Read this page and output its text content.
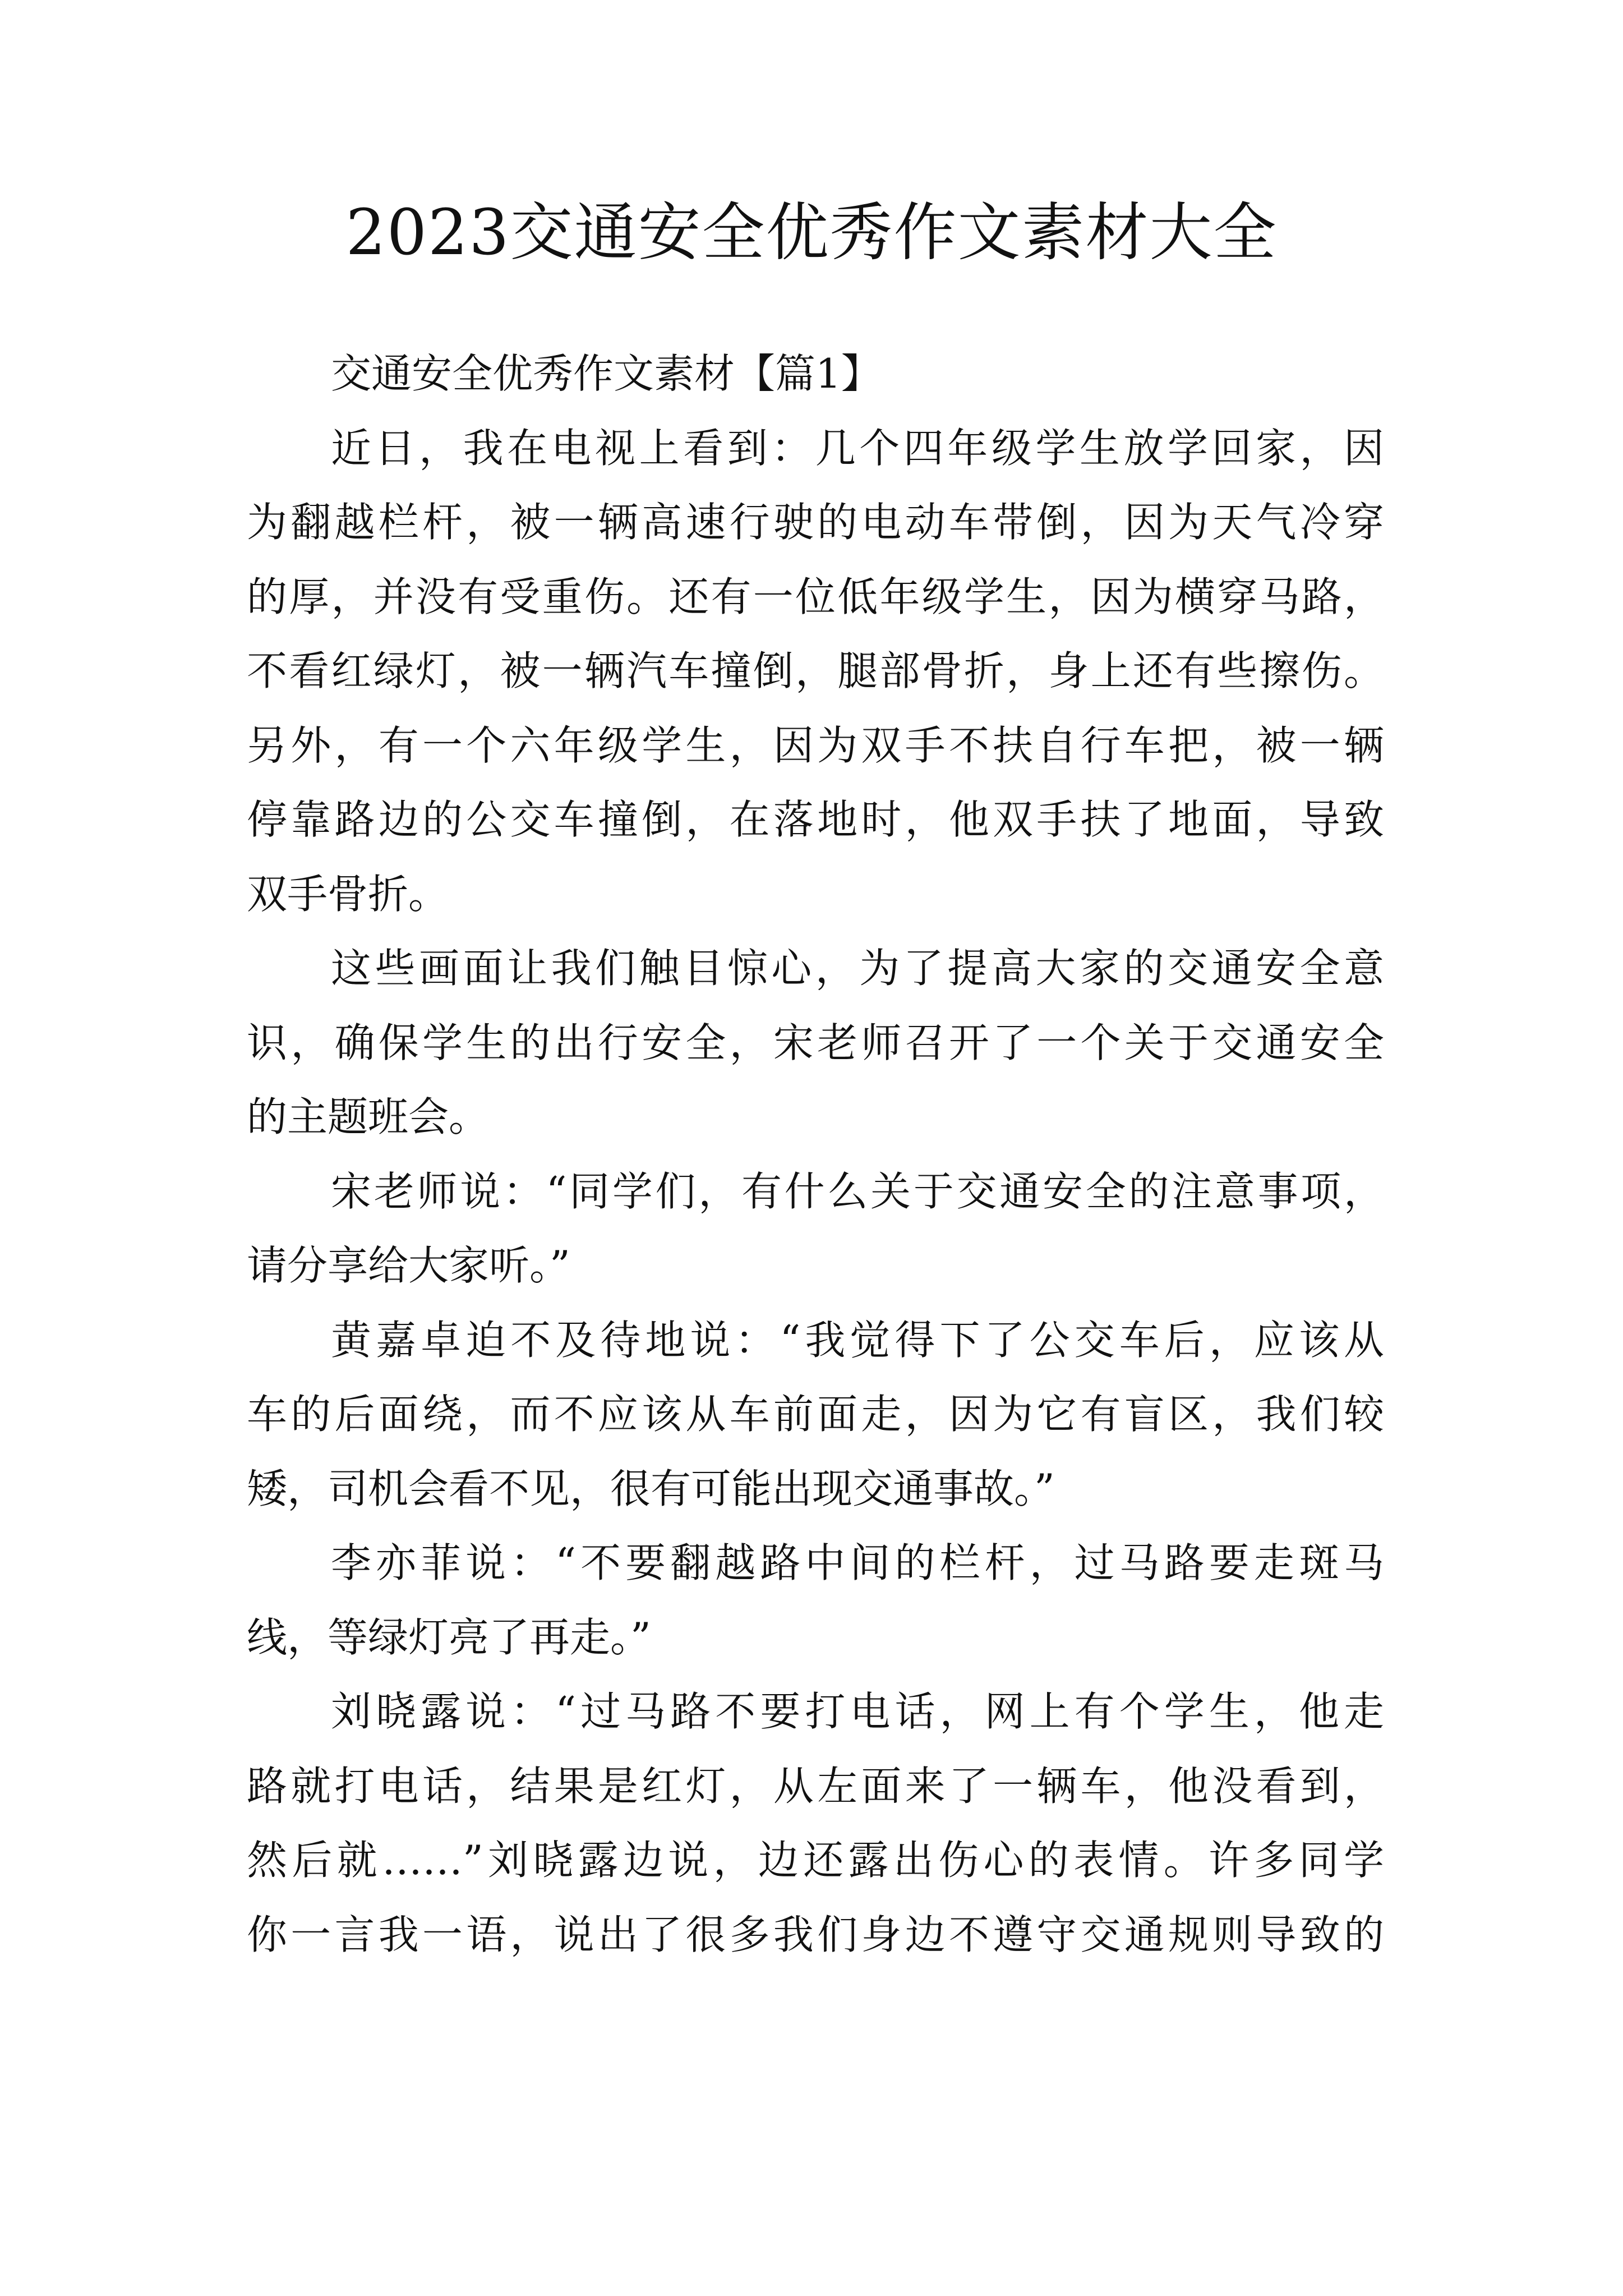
2023交通安全优秀作文素材大全
交通安全优秀作文素材【篇1】
近日，我在电视上看到：几个四年级学生放学回家，因
为翻越栏杆，被一辆高速行驶的电动车带倒，因为天气冷穿
的厚，并没有受重伤。还有一位低年级学生，因为横穿马路，
不看红绿灯，被一辆汽车撞倒，腿部骨折，身上还有些擦伤。
另外，有一个六年级学生，因为双手不扶自行车把，被一辆
停靠路边的公交车撞倒，在落地时，他双手扶了地面，导致
双手骨折。
这些画面让我们触目惊心，为了提高大家的交通安全意
识，确保学生的出行安全，宋老师召开了一个关于交通安全
的主题班会。
宋老师说：“同学们，有什么关于交通安全的注意事项，
请分享给大家听。”
黄嘉卓迫不及待地说：“我觉得下了公交车后，应该从
车的后面绕，而不应该从车前面走，因为它有盲区，我们较
矮，司机会看不见，很有可能出现交通事故。”
李亦菲说：“不要翻越路中间的栏杆，过马路要走斑马
线，等绿灯亮了再走。”
刘晓露说：“过马路不要打电话，网上有个学生，他走
路就打电话，结果是红灯，从左面来了一辆车，他没看到，
然后就……”刘晓露边说，边还露出伤心的表情。许多同学
你一言我一语，说出了很多我们身边不遵守交通规则导致的
